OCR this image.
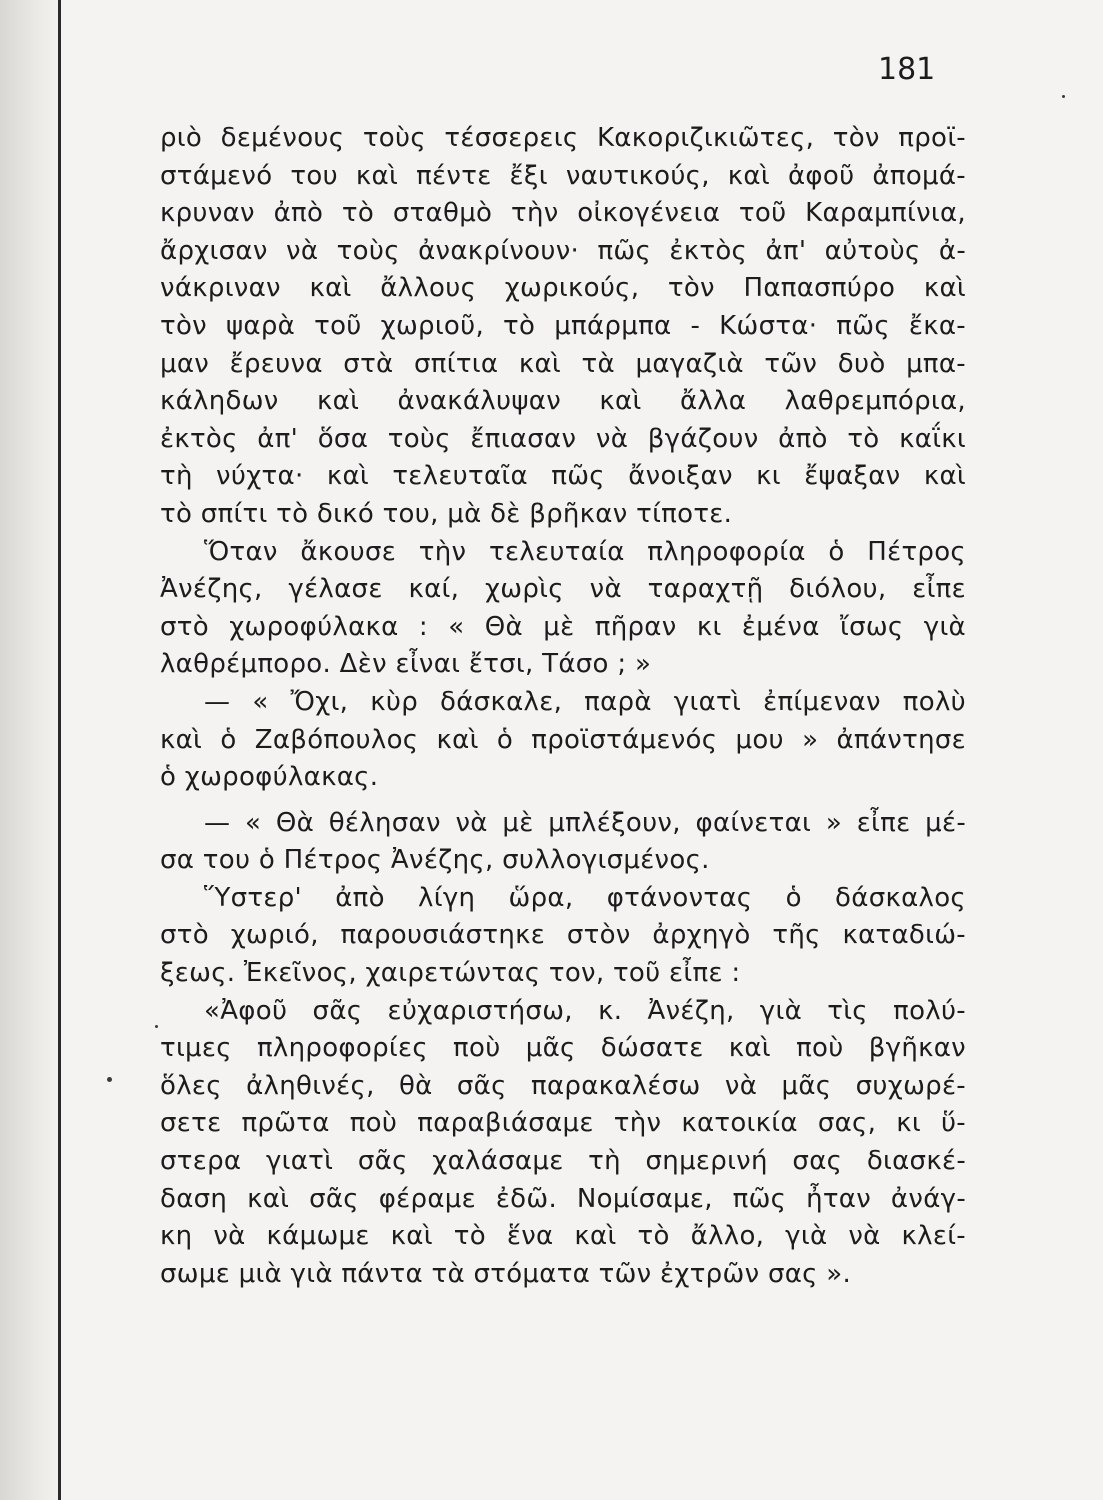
181
ριὸ δεμένους τοὺς τέσσερεις Κακοριζικιῶτες, τὸν προϊ-
στάμενό του καὶ πέντε ἔξι ναυτικούς, καὶ ἀφοῦ ἀπομά-
κρυναν ἀπὸ τὸ σταθμὸ τὴν οἰκογένεια τοῦ Καραμπίνια,
ἄρχισαν νὰ τοὺς ἀνακρίνουν· πῶς ἐκτὸς ἀπ' αὐτοὺς ἀ-
νάκριναν καὶ ἄλλους χωρικούς, τὸν Παπασπύρο καὶ
τὸν ψαρὰ τοῦ χωριοῦ, τὸ μπάρμπα - Κώστα· πῶς ἔκα-
μαν ἔρευνα στὰ σπίτια καὶ τὰ μαγαζιὰ τῶν δυὸ μπα-
κάληδων καὶ ἀνακάλυψαν καὶ ἄλλα λαθρεμπόρια,
ἐκτὸς ἀπ' ὅσα τοὺς ἔπιασαν νὰ βγάζουν ἀπὸ τὸ καΐκι
τὴ νύχτα· καὶ τελευταῖα πῶς ἄνοιξαν κι ἔψαξαν καὶ
τὸ σπίτι τὸ δικό του, μὰ δὲ βρῆκαν τίποτε.
Ὅταν ἄκουσε τὴν τελευταία πληροφορία ὁ Πέτρος
Ἀνέζης, γέλασε καί, χωρὶς νὰ ταραχτῇ διόλου, εἶπε
στὸ χωροφύλακα : « Θὰ μὲ πῆραν κι ἐμένα ἴσως γιὰ
λαθρέμπορο. Δὲν εἶναι ἔτσι, Τάσο ; »
— « Ὄχι, κὺρ δάσκαλε, παρὰ γιατὶ ἐπίμεναν πολὺ
καὶ ὁ Ζαβόπουλος καὶ ὁ προϊστάμενός μου » ἀπάντησε
ὁ χωροφύλακας.
— « Θὰ θέλησαν νὰ μὲ μπλέξουν, φαίνεται » εἶπε μέ-
σα του ὁ Πέτρος Ἀνέζης, συλλογισμένος.
Ὕστερ' ἀπὸ λίγη ὥρα, φτάνοντας ὁ δάσκαλος
στὸ χωριό, παρουσιάστηκε στὸν ἀρχηγὸ τῆς καταδιώ-
ξεως. Ἐκεῖνος, χαιρετώντας τον, τοῦ εἶπε :
«Ἀφοῦ σᾶς εὐχαριστήσω, κ. Ἀνέζη, γιὰ τὶς πολύ-
τιμες πληροφορίες ποὺ μᾶς δώσατε καὶ ποὺ βγῆκαν
ὅλες ἀληθινές, θὰ σᾶς παρακαλέσω νὰ μᾶς συχωρέ-
σετε πρῶτα ποὺ παραβιάσαμε τὴν κατοικία σας, κι ὕ-
στερα γιατὶ σᾶς χαλάσαμε τὴ σημερινή σας διασκέ-
δαση καὶ σᾶς φέραμε ἐδῶ. Νομίσαμε, πῶς ἦταν ἀνάγ-
κη νὰ κάμωμε καὶ τὸ ἕνα καὶ τὸ ἄλλο, γιὰ νὰ κλεί-
σωμε μιὰ γιὰ πάντα τὰ στόματα τῶν ἐχτρῶν σας ».
